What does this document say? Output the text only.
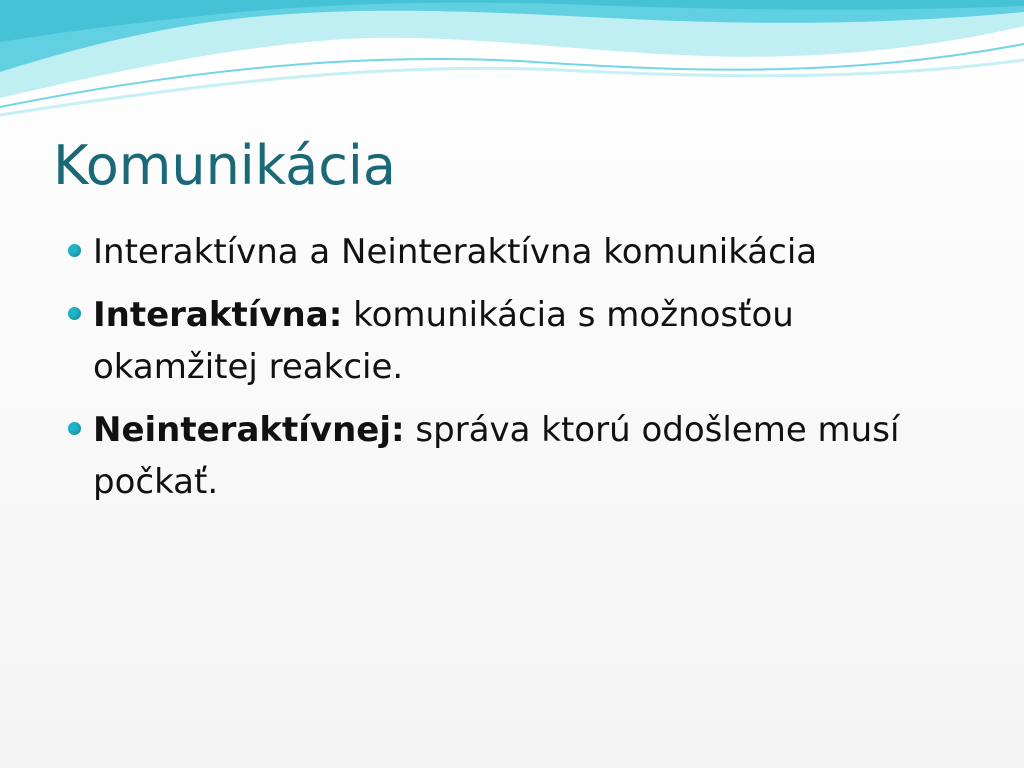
Komunikácia
Interaktívna a Neinteraktívna komunikácia
Interaktívna: komunikácia s možnosťou okamžitej reakcie.
Neinteraktívnej: správa ktorú odošleme musí počkať.
